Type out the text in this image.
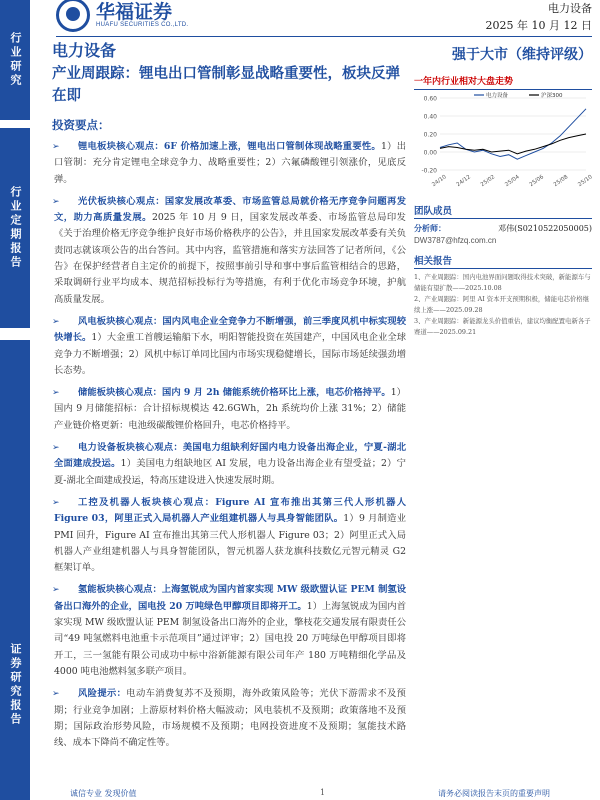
行业研究
行业定期报告
证券研究报告
华福证券
HUAFU SECURITIES CO.,LTD.
电力设备
2025 年 10 月 12 日
电力设备
产业周跟踪：锂电出口管制彰显战略重要性，板块反弹在即
投资要点：
➢ 锂电板块核心观点：6F 价格加速上涨，锂电出口管制体现战略重要性。1）出口管制：充分肯定锂电全球竞争力、战略重要性；2）六氟磷酸锂引领涨价，见底反弹。
➢ 光伏板块核心观点：国家发展改革委、市场监管总局就价格无序竞争问题再发文，助力高质量发展。2025 年 10 月 9 日，国家发展改革委、市场监管总局印发《关于治理价格无序竞争维护良好市场价格秩序的公告》，并且国家发展改革委有关负责同志就该项公告的出台答问。其中内容，监管措施和落实方法回答了记者所问，《公告》在保护经营者自主定价的前提下，按照事前引导和事中事后监管相结合的思路，采取调研行业平均成本、规范招标投标行为等措施，有利于优化市场竞争环境，护航高质量发展。
➢ 风电板块核心观点：国内风电企业全竞争力不断增强，前三季度风机中标实现较快增长。1）大金重工首艘运输船下水，明阳智能投资在英国建产，中国风电企业全球竞争力不断增强；2）风机中标订单同比国内市场实现稳健增长，国际市场延续强劲增长态势。
➢ 储能板块核心观点：国内 9 月 2h 储能系统价格环比上涨，电芯价格持平。1）国内 9 月储能招标：合计招标规模达 42.6GWh，2h 系统均价上涨 31%；2）储能产业链价格更新：电池级碳酸锂价格回升，电芯价格持平。
➢ 电力设备板块核心观点：美国电力组缺利好国内电力设备出海企业，宁夏-湖北全面建成投运。1）美国电力组缺地区 AI 发展，电力设备出海企业有望受益；2）宁夏-湖北全面建成投运，特高压建设进入快速发展时期。
➢ 工控及机器人板块核心观点：Figure AI 宣布推出其第三代人形机器人 Figure 03，阿里正式入局机器人产业组建机器人与具身智能团队。1）9 月制造业 PMI 回升，Figure AI 宣布推出其第三代人形机器人 Figure 03；2）阿里正式入局机器人产业组建机器人与具身智能团队，智元机器人获龙旗科技数亿元智元精灵 G2 框架订单。
➢ 氢能板块核心观点：上海氢锐成为国内首家实现 MW 级欧盟认证 PEM 制氢设备出口海外的企业，国电投 20 万吨绿色甲醇项目即将开工。1）上海氢锐成为国内首家实现 MW 级欧盟认证 PEM 制氢设备出口海外的企业，擎枝花交通发展有限责任公司“49 吨氢燃料电池重卡示范项目”通过评审；2）国电投 20 万吨绿色甲醇项目即将开工，三一氢能有限公司成功中标中浴新能源有限公司年产 180 万吨精细化学品及 4000 吨电池燃料氢多联产项目。
➢ 风险提示：电动车消费复苏不及预期，海外政策风险等；光伏下游需求不及预期；行业竞争加剧；上游原材料价格大幅波动；风电装机不及预期；政策落地不及预期；国际政治形势风险，市场规模不及预期；电网投资进度不及预期；氢能技术路线、成本下降尚不确定性等。
强于大市（维持评级）
一年内行业相对大盘走势
0.60
0.40
0.20
0.00
-0.20
24/10 24/12 25/02 25/04 25/06 25/08 25/10
电力设备	沪深300
团队成员
分析师：	邓伟(S0210522050005)
DW3787@hfzq.com.cn
相关报告
1、产业周跟踪：国内电池界面问题取得技术突破，新能源车与储能有望扩散——2025.10.08
2、产业周跟踪：阿里 AI 资本开支预期积极，储能电芯价格继续上涨——2025.09.28
3、产业周跟踪：新能源龙头价值重估，建议均衡配置电新各子赛道——2025.09.21
诚信专业 发现价值	1	请务必阅读报告末页的重要声明
